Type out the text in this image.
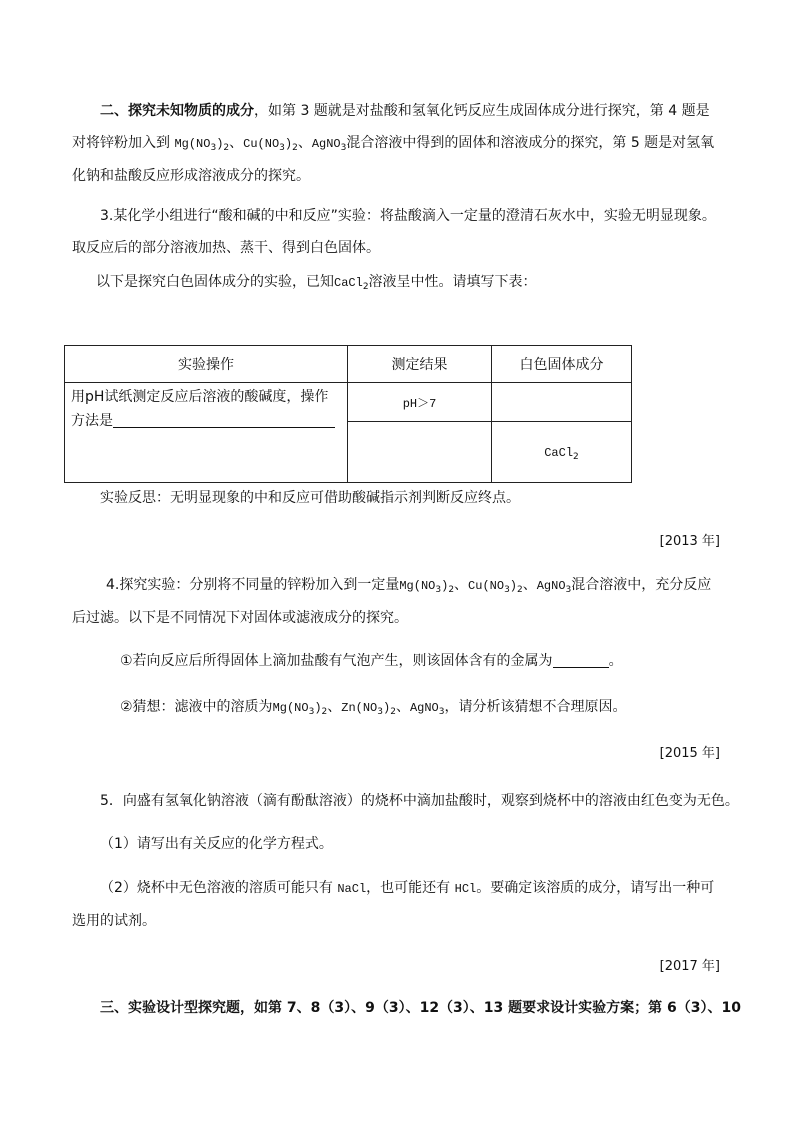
二、探究未知物质的成分，如第 3 题就是对盐酸和氢氧化钙反应生成固体成分进行探究，第 4 题是对将锌粉加入到 $Mg(NO_3)_2$、$Cu(NO_3)_2$、AgNO$_3$混合溶液中得到的固体和溶液成分的探究，第 5 题是对氢氧化钠和盐酸反应形成溶液成分的探究。
3.某化学小组进行“酸和碱的中和反应”实验：将盐酸滴入一定量的澄清石灰水中，实验无明显现象。取反应后的部分溶液加热、蒸干、得到白色固体。
以下是探究白色固体成分的实验，已知CaCl$_2$溶液呈中性。请填写下表：
实验操作	测定结果	白色固体成分
用pH试纸测定反应后溶液的酸碱度，操作方法是	pH＞7	
		CaCl$_2$
实验反思：无明显现象的中和反应可借助酸碱指示剂判断反应终点。
[2013 年]
4.探究实验：分别将不同量的锌粉加入到一定量$Mg(NO_3)_2$、$Cu(NO_3)_2$、AgNO$_3$混合溶液中，充分反应后过滤。以下是不同情况下对固体或滤液成分的探究。
①若向反应后所得固体上滴加盐酸有气泡产生，则该固体含有的金属为	。
②猜想：滤液中的溶质为$Mg(NO_3)_2$、$Zn(NO_3)_2$、AgNO$_3$，请分析该猜想不合理原因。
[2015 年]
5．向盛有氢氧化钠溶液（滴有酚酞溶液）的烧杯中滴加盐酸时，观察到烧杯中的溶液由红色变为无色。
（1）请写出有关反应的化学方程式。
（2）烧杯中无色溶液的溶质可能只有 NaCl，也可能还有 HCl。要确定该溶质的成分，请写出一种可选用的试剂。
[2017 年]
三、实验设计型探究题，如第 7、8（3）、9（3）、12（3）、13 题要求设计实验方案；第 6（3）、10
